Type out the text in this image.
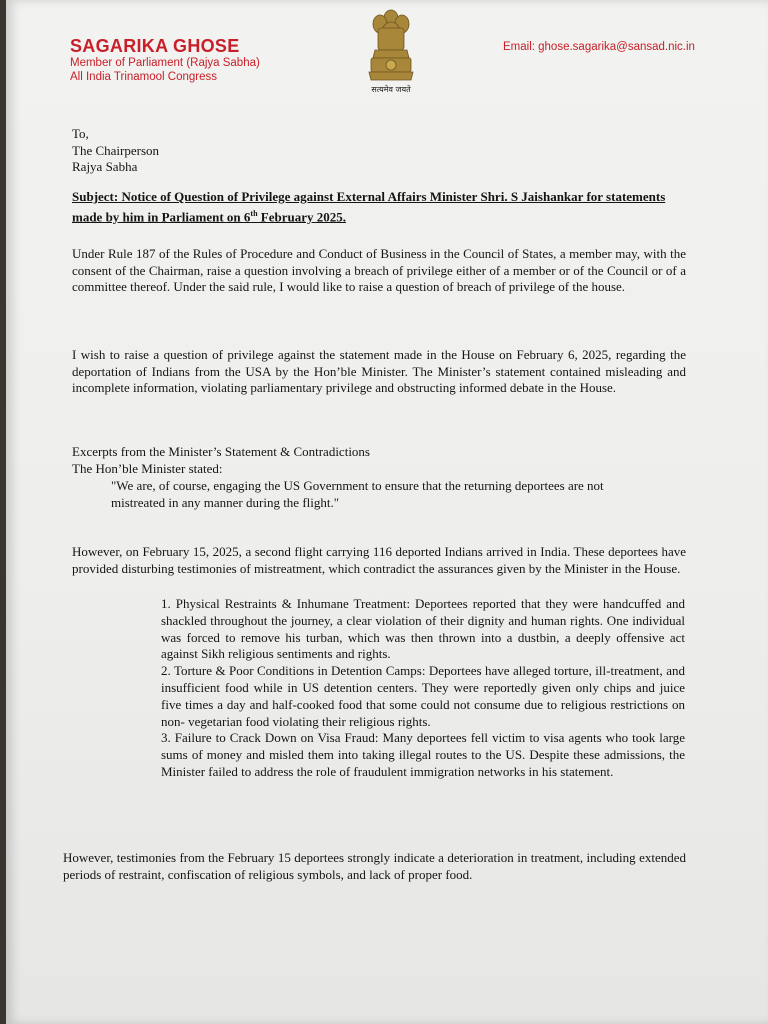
SAGARIKA GHOSE
Member of Parliament (Rajya Sabha)
All India Trinamool Congress
सत्यमेव जयते
Email: ghose.sagarika@sansad.nic.in
To,
The Chairperson
Rajya Sabha
Subject: Notice of Question of Privilege against External Affairs Minister Shri. S Jaishankar for statements made by him in Parliament on 6th February 2025.
Under Rule 187 of the Rules of Procedure and Conduct of Business in the Council of States, a member may, with the consent of the Chairman, raise a question involving a breach of privilege either of a member or of the Council or of a committee thereof. Under the said rule, I would like to raise a question of breach of privilege of the house.
I wish to raise a question of privilege against the statement made in the House on February 6, 2025, regarding the deportation of Indians from the USA by the Hon’ble Minister. The Minister’s statement contained misleading and incomplete information, violating parliamentary privilege and obstructing informed debate in the House.
Excerpts from the Minister’s Statement & Contradictions
The Hon’ble Minister stated:
"We are, of course, engaging the US Government to ensure that the returning deportees are not mistreated in any manner during the flight."
However, on February 15, 2025, a second flight carrying 116 deported Indians arrived in India. These deportees have provided disturbing testimonies of mistreatment, which contradict the assurances given by the Minister in the House.

1. Physical Restraints & Inhumane Treatment: Deportees reported that they were handcuffed and shackled throughout the journey, a clear violation of their dignity and human rights. One individual was forced to remove his turban, which was then thrown into a dustbin, a deeply offensive act against Sikh religious sentiments and rights.

2. Torture & Poor Conditions in Detention Camps: Deportees have alleged torture, ill-treatment, and insufficient food while in US detention centers. They were reportedly given only chips and juice five times a day and half-cooked food that some could not consume due to religious restrictions on non- vegetarian food violating their religious rights.

3. Failure to Crack Down on Visa Fraud: Many deportees fell victim to visa agents who took large sums of money and misled them into taking illegal routes to the US. Despite these admissions, the Minister failed to address the role of fraudulent immigration networks in his statement.

However, testimonies from the February 15 deportees strongly indicate a deterioration in treatment, including extended periods of restraint, confiscation of religious symbols, and lack of proper food.
